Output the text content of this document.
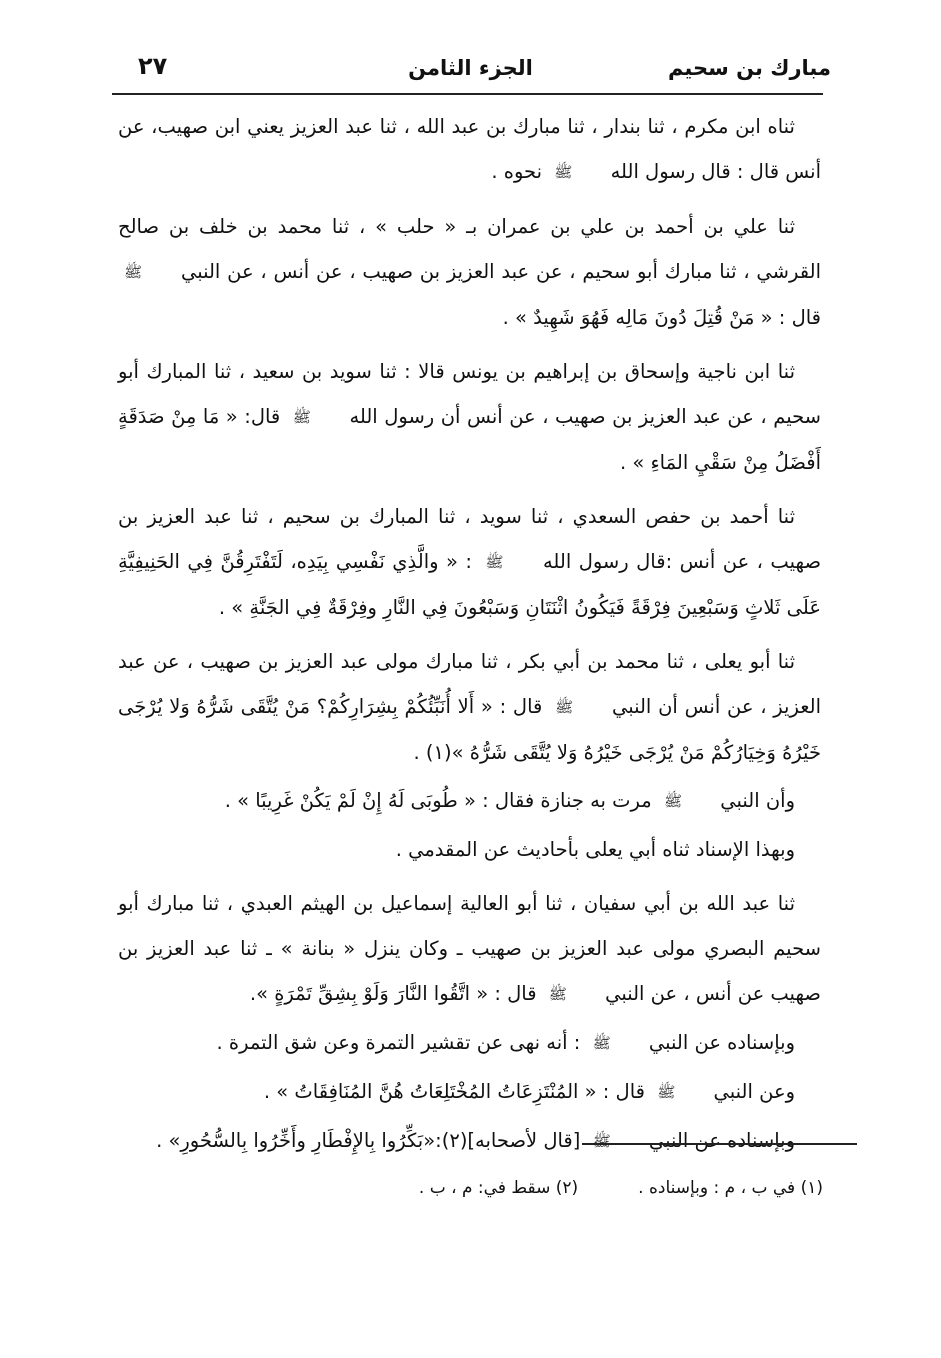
مبارك بن سحيم
الجزء الثامن
٢٧

ثناه ابن مكرم ، ثنا بندار ، ثنا مبارك بن عبد الله ، ثنا عبد العزيز يعني ابن صهيب، عن أنس قال : قال رسول الله ﷺ نحوه .

ثنا علي بن أحمد بن علي بن عمران بـ « حلب » ، ثنا محمد بن خلف بن صالح القرشي ، ثنا مبارك أبو سحيم ، عن عبد العزيز بن صهيب ، عن أنس ، عن النبي ﷺ قال : « مَنْ قُتِلَ دُونَ مَالِه فَهُوَ شَهِيدٌ » .

ثنا ابن ناجية وإسحاق بن إبراهيم بن يونس قالا : ثنا سويد بن سعيد ، ثنا المبارك أبو سحيم ، عن عبد العزيز بن صهيب ، عن أنس أن رسول الله ﷺ قال: « مَا مِنْ صَدَقَةٍ أَفْضَلُ مِنْ سَقْيِ المَاءِ » .

ثنا أحمد بن حفص السعدي ، ثنا سويد ، ثنا المبارك بن سحيم ، ثنا عبد العزيز بن صهيب ، عن أنس :قال رسول الله ﷺ : « والَّذِي نَفْسِي بِيَدِه، لَتَفْتَرِقُنَّ فِي الحَنِيفِيَّةِ عَلَى ثَلاثٍ وَسَبْعِينَ فِرْقَةً فَيَكُونُ اثْنَتَانِ وَسَبْعُونَ فِي النَّارِ وفِرْقَةٌ فِي الجَنَّةِ » .

ثنا أبو يعلى ، ثنا محمد بن أبي بكر ، ثنا مبارك مولى عبد العزيز بن صهيب ، عن عبد العزيز ، عن أنس أن النبي ﷺ قال : « أَلا أُنَبِّئُكُمْ بِشِرَارِكُمْ؟ مَنْ يُتَّقَى شَرُّهُ وَلا يُرْجَى خَيْرُهُ وَخِيَارُكُمْ مَنْ يُرْجَى خَيْرُهُ وَلا يُتَّقَى شَرُّهُ »(١) .

وأن النبي ﷺ مرت به جنازة فقال : « طُوبَى لَهُ إِنْ لَمْ يَكُنْ غَرِيبًا » .

وبهذا الإسناد ثناه أبي يعلى بأحاديث عن المقدمي .

ثنا عبد الله بن أبي سفيان ، ثنا أبو العالية إسماعيل بن الهيثم العبدي ، ثنا مبارك أبو سحيم البصري مولى عبد العزيز بن صهيب ـ وكان ينزل « بنانة » ـ ثنا عبد العزيز بن صهيب عن أنس ، عن النبي ﷺ قال : « اتَّقُوا النَّارَ وَلَوْ بِشِقِّ تَمْرَةٍ ».

وبإسناده عن النبي ﷺ : أنه نهى عن تقشير التمرة وعن شق التمرة .

وعن النبي ﷺ قال : « المُنْتَزِعَاتُ المُخْتَلِعَاتُ هُنَّ المُنَافِقَاتُ » .

وبإسناده عن النبي ﷺ [قال لأصحابه](٢):«بَكِّرُوا بِالإِفْطَارِ وأَخِّرُوا بِالسُّحُورِ» .

(١) في ب ، م : وبإسناده .
(٢) سقط في: م ، ب .
